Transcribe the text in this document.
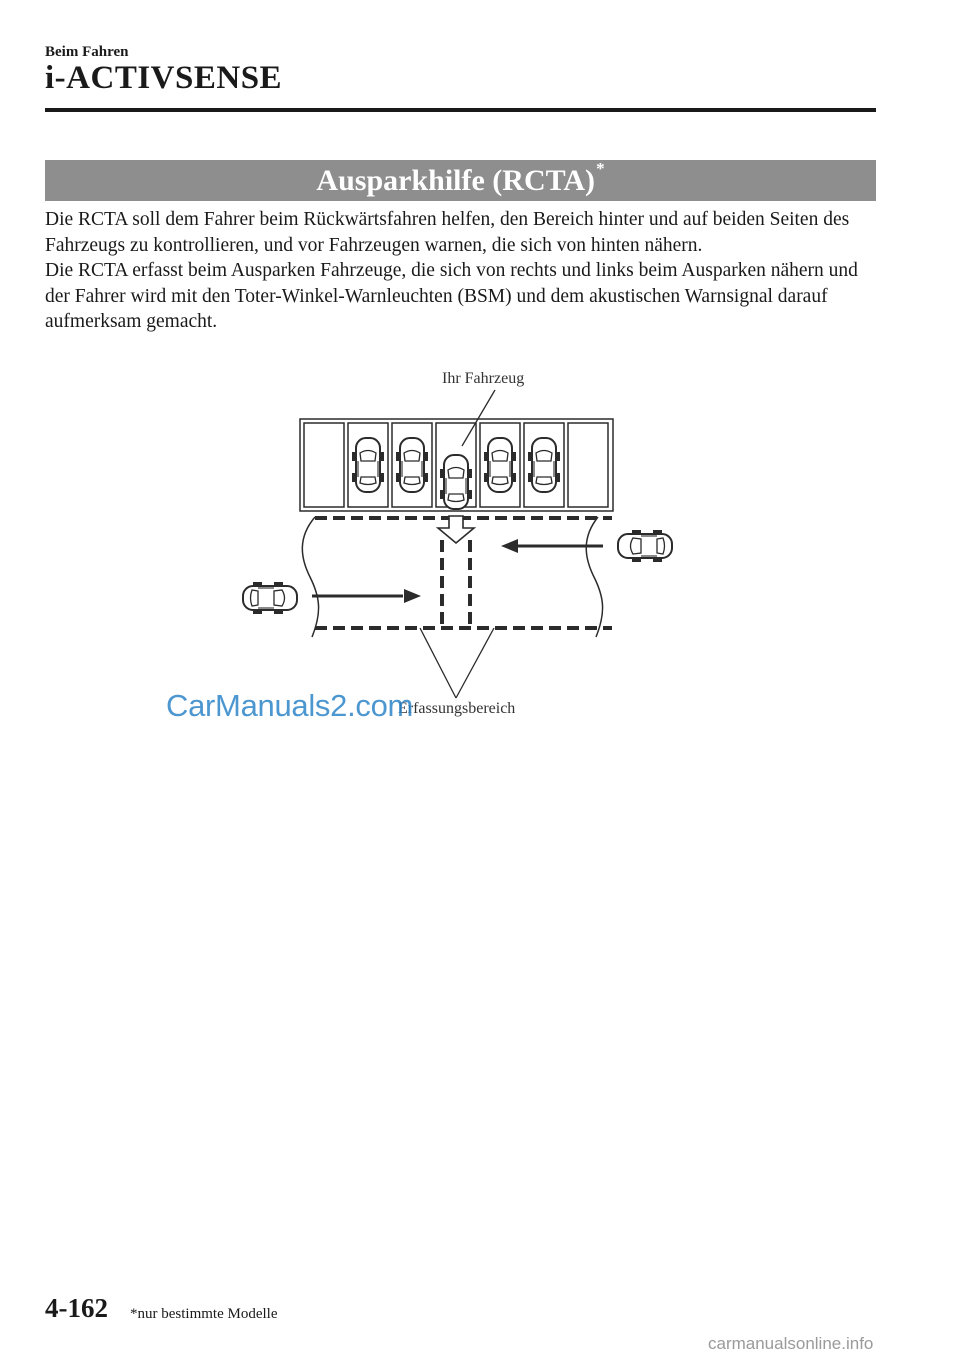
Beim Fahren
i-ACTIVSENSE
Ausparkhilfe (RCTA) *

Die RCTA soll dem Fahrer beim Rückwärtsfahren helfen, den Bereich hinter und auf beiden Seiten des Fahrzeugs zu kontrollieren, und vor Fahrzeugen warnen, die sich von hinten nähern.

Die RCTA erfasst beim Ausparken Fahrzeuge, die sich von rechts und links beim Ausparken nähern und der Fahrer wird mit den Toter-Winkel-Warnleuchten (BSM) und dem akustischen Warnsignal darauf aufmerksam gemacht.

Ihr Fahrzeug
Erfassungsbereich
CarManuals2.com
4-162 *nur bestimmte Modelle
carmanualsonline.info
